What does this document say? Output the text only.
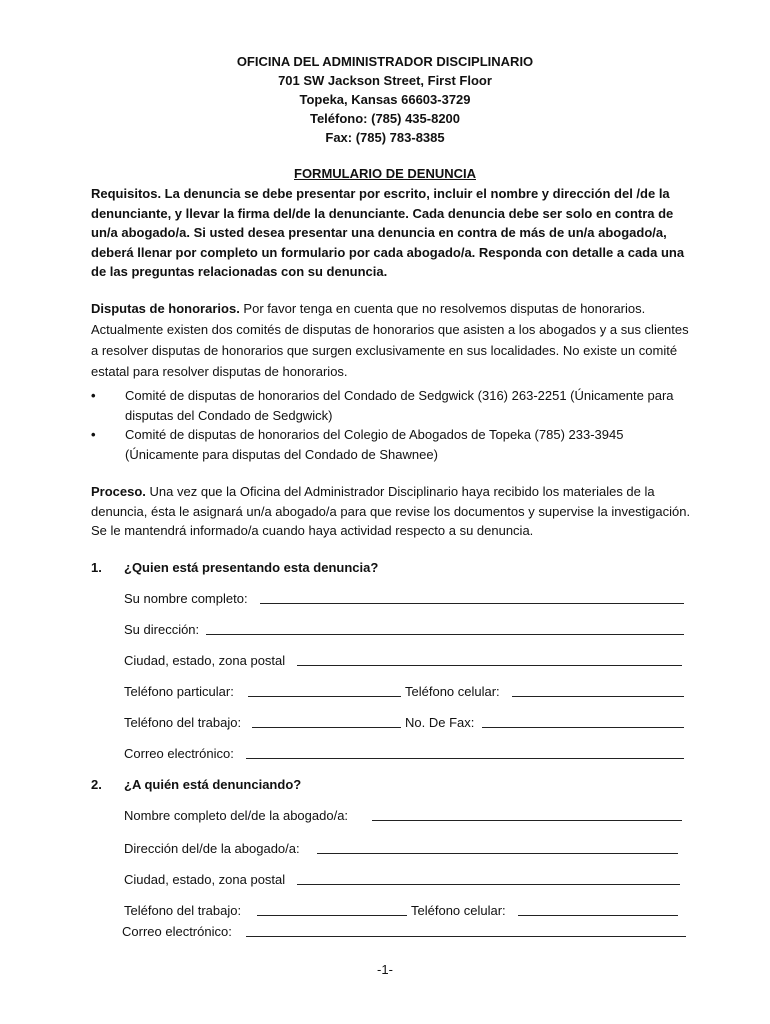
OFICINA DEL ADMINISTRADOR DISCIPLINARIO
701 SW Jackson Street, First Floor
Topeka, Kansas 66603-3729
Teléfono: (785) 435-8200
Fax: (785) 783-8385
FORMULARIO DE DENUNCIA
Requisitos. La denuncia se debe presentar por escrito, incluir el nombre y dirección del /de la denunciante, y llevar la firma del/de la denunciante. Cada denuncia debe ser solo en contra de un/a abogado/a. Si usted desea presentar una denuncia en contra de más de un/a abogado/a, deberá llenar por completo un formulario por cada abogado/a. Responda con detalle a cada una de las preguntas relacionadas con su denuncia.
Disputas de honorarios. Por favor tenga en cuenta que no resolvemos disputas de honorarios. Actualmente existen dos comités de disputas de honorarios que asisten a los abogados y a sus clientes a resolver disputas de honorarios que surgen exclusivamente en sus localidades. No existe un comité estatal para resolver disputas de honorarios.
• Comité de disputas de honorarios del Condado de Sedgwick (316) 263-2251 (Únicamente para disputas del Condado de Sedgwick)
• Comité de disputas de honorarios del Colegio de Abogados de Topeka (785) 233-3945 (Únicamente para disputas del Condado de Shawnee)
Proceso. Una vez que la Oficina del Administrador Disciplinario haya recibido los materiales de la denuncia, ésta le asignará un/a abogado/a para que revise los documentos y supervise la investigación. Se le mantendrá informado/a cuando haya actividad respecto a su denuncia.
1. ¿Quien está presentando esta denuncia?
Su nombre completo:
Su dirección:
Ciudad, estado, zona postal
Teléfono particular:	Teléfono celular:
Teléfono del trabajo:	No. De Fax:
Correo electrónico:
2. ¿A quién está denunciando?
Nombre completo del/de la abogado/a:
Dirección del/de la abogado/a:
Ciudad, estado, zona postal
Teléfono del trabajo:	Teléfono celular:
Correo electrónico:
-1-
